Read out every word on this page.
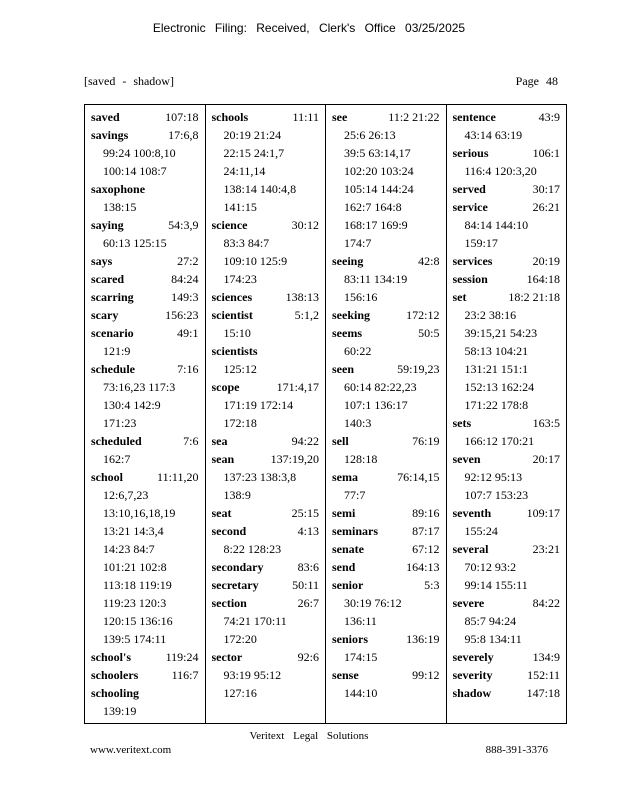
Electronic Filing: Received, Clerk's Office 03/25/2025
[saved - shadow]	Page 48
saved	107:18
savings	17:6,8
99:24 100:8,10
100:14 108:7
saxophone
138:15
saying	54:3,9
60:13 125:15
says	27:2
scared	84:24
scarring	149:3
scary	156:23
scenario	49:1
121:9
schedule	7:16
73:16,23 117:3
130:4 142:9
171:23
scheduled	7:6
162:7
school	11:11,20
12:6,7,23
13:10,16,18,19
13:21 14:3,4
14:23 84:7
101:21 102:8
113:18 119:19
119:23 120:3
120:15 136:16
139:5 174:11
school's	119:24
schoolers	116:7
schooling
139:19
schools	11:11
20:19 21:24
22:15 24:1,7
24:11,14
138:14 140:4,8
141:15
science	30:12
83:3 84:7
109:10 125:9
174:23
sciences	138:13
scientist	5:1,2
15:10
scientists
125:12
scope	171:4,17
171:19 172:14
172:18
sea	94:22
sean	137:19,20
137:23 138:3,8
138:9
seat	25:15
second	4:13
8:22 128:23
secondary	83:6
secretary	50:11
section	26:7
74:21 170:11
172:20
sector	92:6
93:19 95:12
127:16
see	11:2 21:22
25:6 26:13
39:5 63:14,17
102:20 103:24
105:14 144:24
162:7 164:8
168:17 169:9
174:7
seeing	42:8
83:11 134:19
156:16
seeking	172:12
seems	50:5
60:22
seen	59:19,23
60:14 82:22,23
107:1 136:17
140:3
sell	76:19
128:18
sema	76:14,15
77:7
semi	89:16
seminars	87:17
senate	67:12
send	164:13
senior	5:3
30:19 76:12
136:11
seniors	136:19
174:15
sense	99:12
144:10
sentence	43:9
43:14 63:19
serious	106:1
116:4 120:3,20
served	30:17
service	26:21
84:14 144:10
159:17
services	20:19
session	164:18
set	18:2 21:18
23:2 38:16
39:15,21 54:23
58:13 104:21
131:21 151:1
152:13 162:24
171:22 178:8
sets	163:5
166:12 170:21
seven	20:17
92:12 95:13
107:7 153:23
seventh	109:17
155:24
several	23:21
70:12 93:2
99:14 155:11
severe	84:22
85:7 94:24
95:8 134:11
severely	134:9
severity	152:11
shadow	147:18
Veritext Legal Solutions
www.veritext.com	888-391-3376
